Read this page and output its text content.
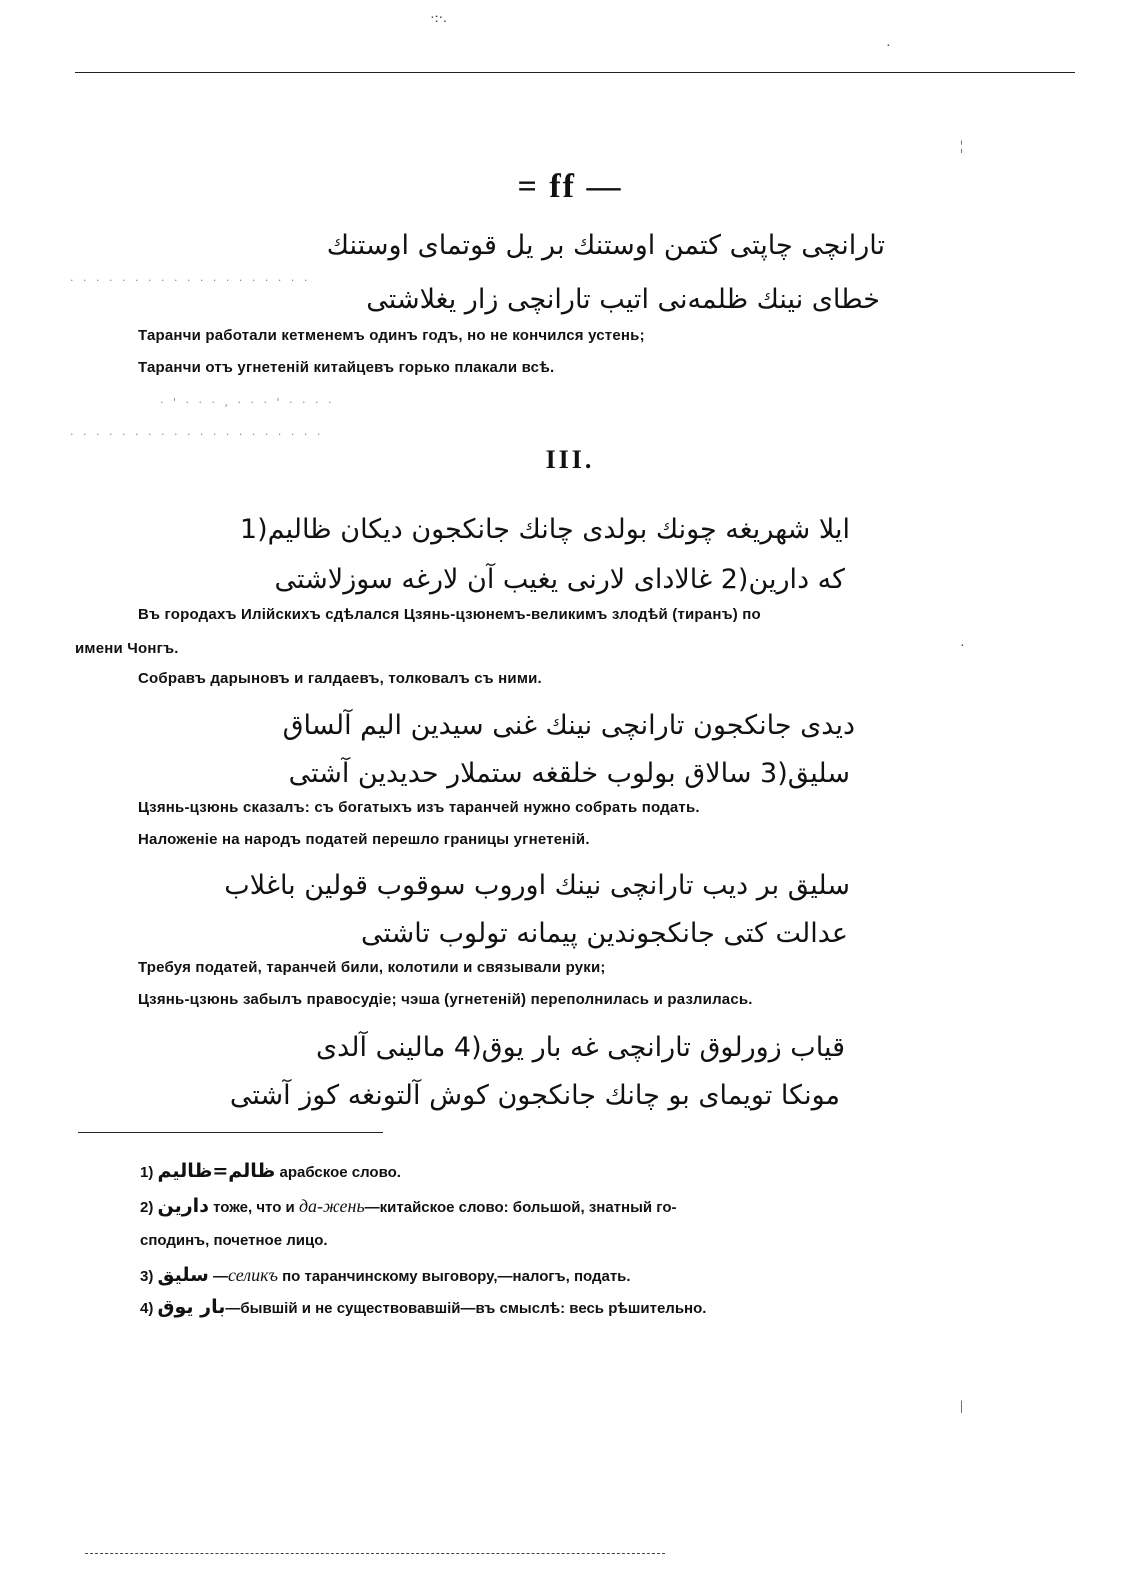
·:·.
·
¦
·
|
= ff —
تارانچى چاپتى كتمن اوستنك بر يل قوتماى اوستنك
· · · · · · · · · · · · · · · · · · ·
خطاى نينك ظلمەنى اتيب تارانچى زار يغلاشتى
Таранчи работали кетменемъ одинъ годъ, но не кончился устень;
Таранчи отъ угнетеній китайцевъ горько плакали всѣ.
· ' · · · , · · · ' · · · ·
· · · · · · · · · · · · · · · · · · · ·
III.
ايلا شهريغه چونك بولدى چانك جانكجون ديكان ظاليم(1
كه دارين(2 غالاداى لارنى يغيب آن لارغه سوزلاشتى
Въ городахъ Илійскихъ сдѣлался Цзянь-цзюнемъ-великимъ злодѣй (тиранъ) по
имени Чонгъ.
Собравъ дарыновъ и галдаевъ, толковалъ съ ними.
ديدى جانكجون تارانچى نينك غنى سيدين اليم آلساق
سليق(3 سالاق بولوب خلقغه ستملار حديدين آشتى
Цзянь-цзюнь сказалъ: съ богатыхъ изъ таранчей нужно собрать подать.
Наложеніе на народъ податей перешло границы угнетеній.
سليق بر ديب تارانچى نينك اوروب سوقوب قولين باغلاب
عدالت كتى جانكجوندين پيمانه تولوب تاشتى
Требуя податей, таранчей били, колотили и связывали руки;
Цзянь-цзюнь забылъ правосудіе; чэша (угнетеній) переполнилась и разлилась.
قياب زورلوق تارانچى غه بار يوق(4 مالينى آلدى
مونكا تويماى بو چانك جانكجون كوش آلتونغه كوز آشتى
1) ظالم=ظاليم арабское слово.
2) دارين тоже, что и да-жень—китайское слово: большой, знатный го-
сподинъ, почетное лицо.
3) سليق —селикъ по таранчинскому выговору,—налогъ, подать.
4) بار يوق—бывшій и не существовавшій—въ смыслѣ: весь рѣшительно.
